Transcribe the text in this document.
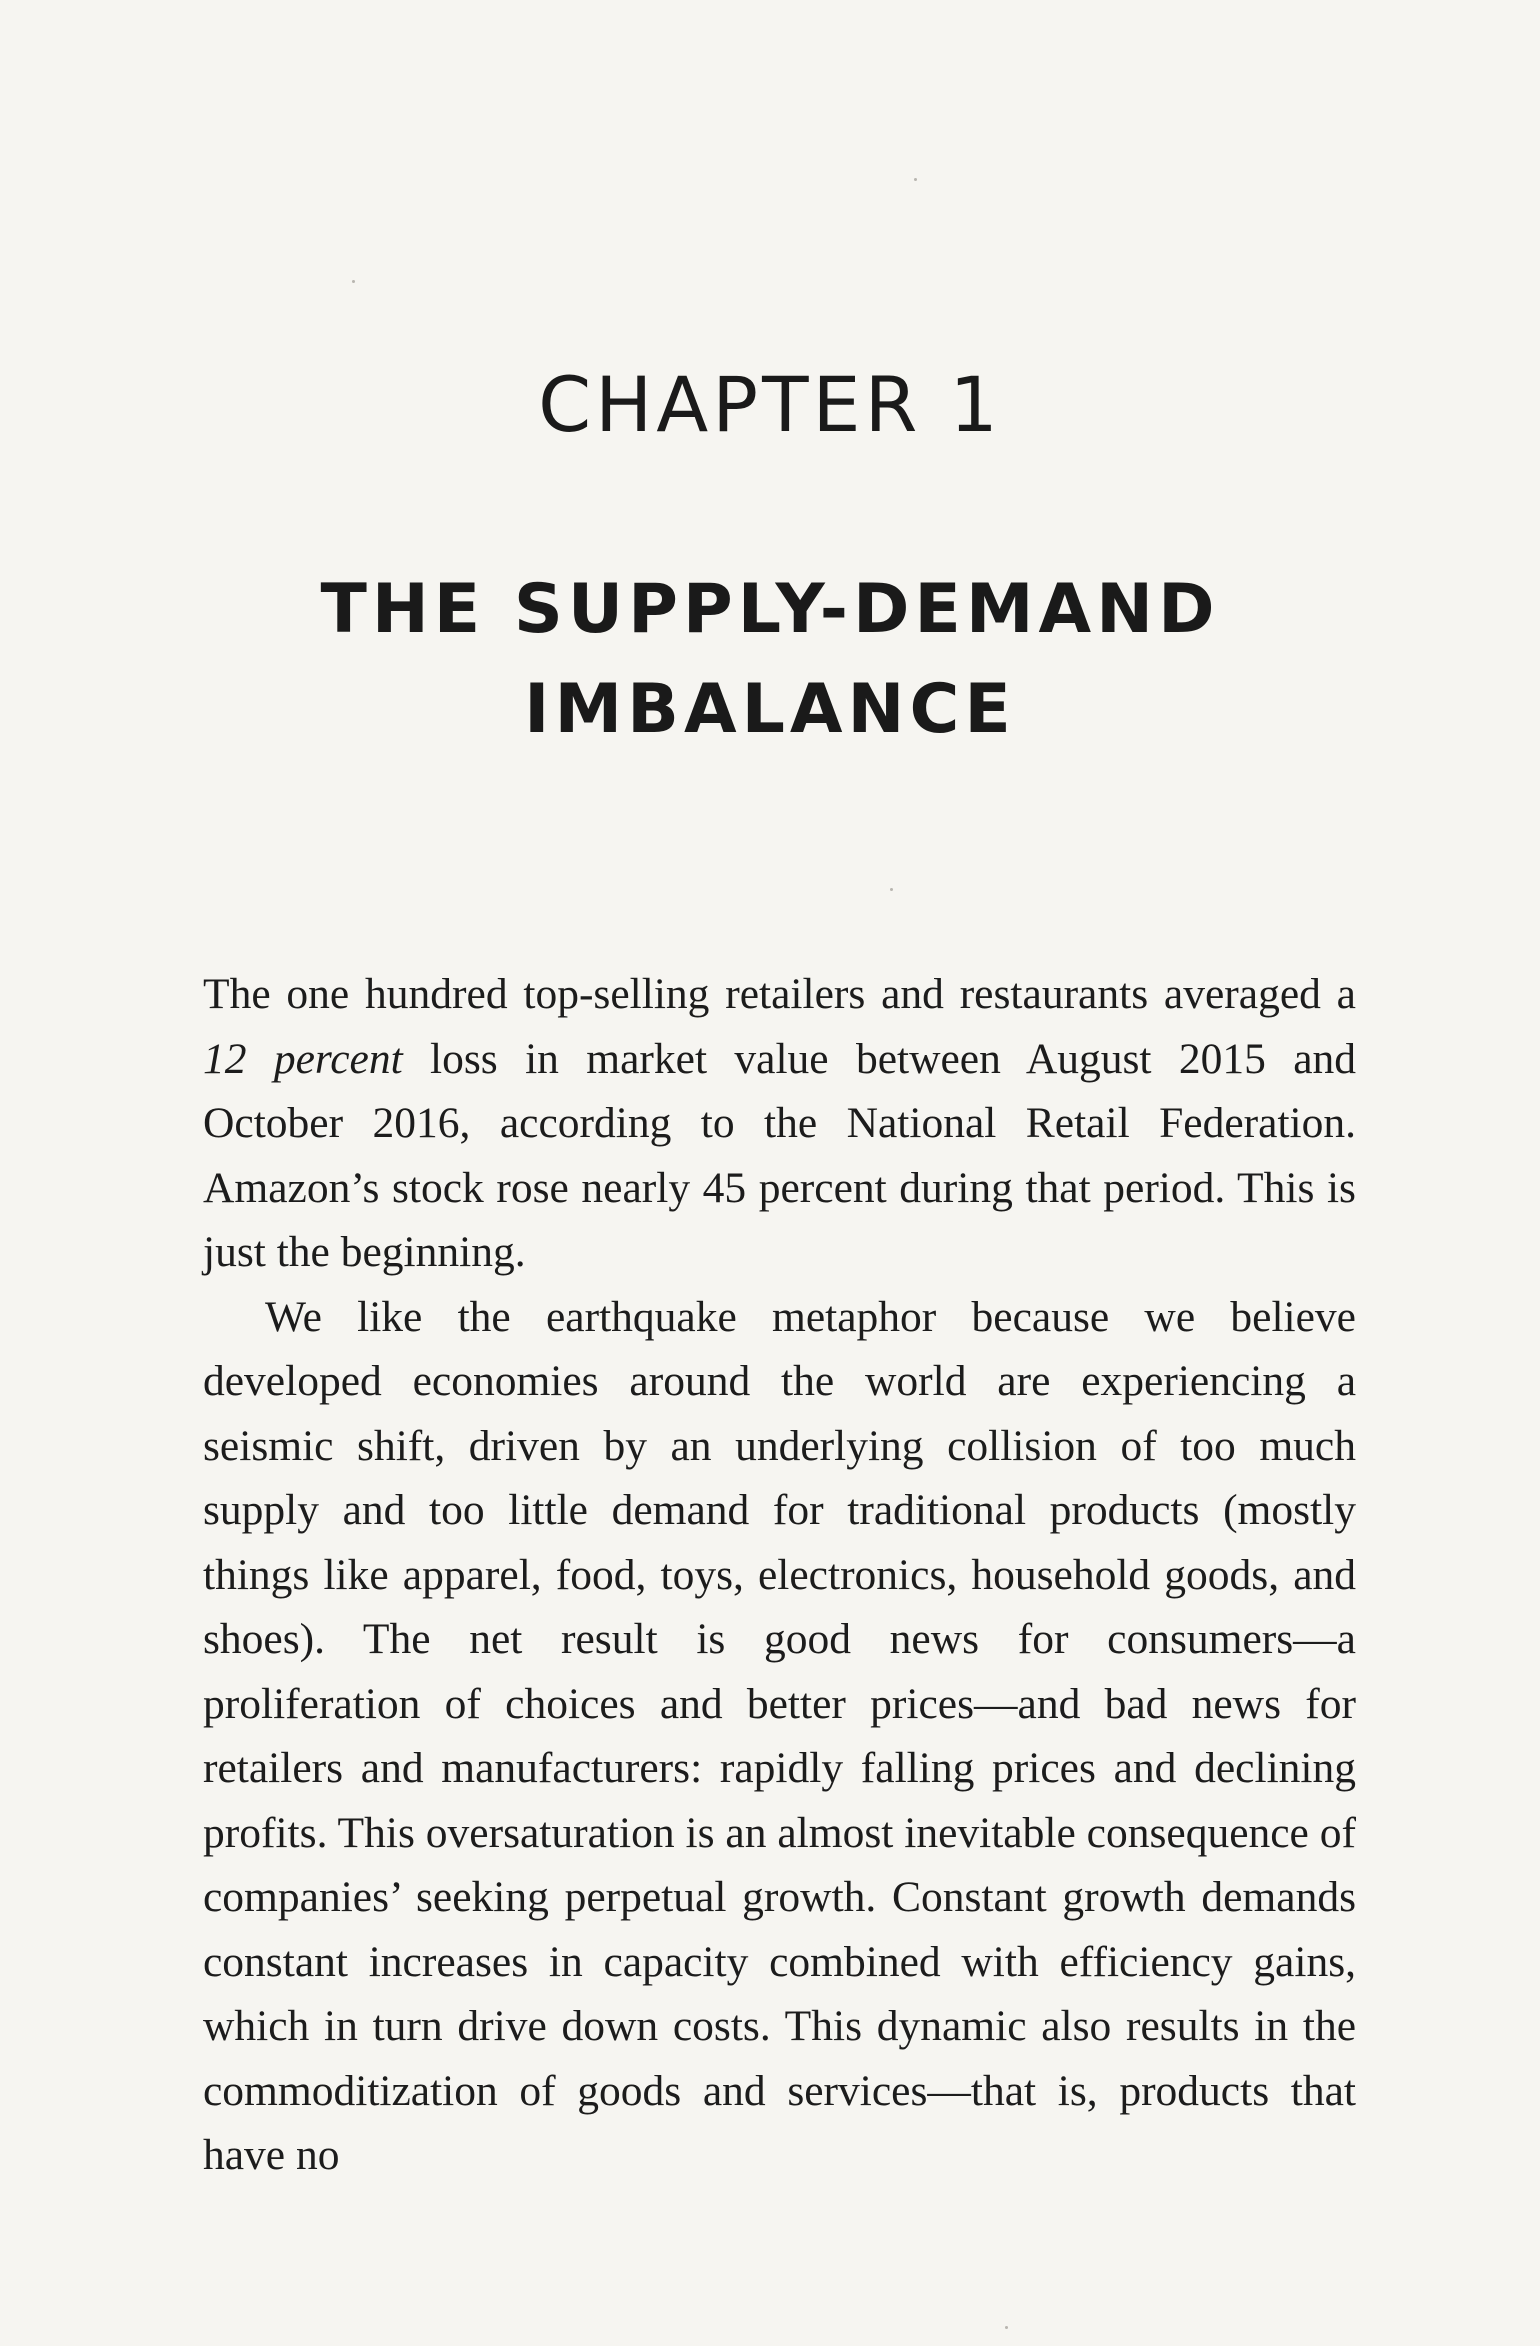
CHAPTER 1
THE SUPPLY-DEMAND
IMBALANCE

The one hundred top-selling retailers and restaurants averaged a 12 percent loss in market value between August 2015 and October 2016, according to the National Retail Federation. Amazon’s stock rose nearly 45 percent during that period. This is just the beginning.

We like the earthquake metaphor because we believe developed economies around the world are experiencing a seismic shift, driven by an underlying collision of too much supply and too little demand for traditional products (mostly things like apparel, food, toys, electronics, household goods, and shoes). The net result is good news for consumers—a proliferation of choices and better prices—and bad news for retailers and manufacturers: rapidly falling prices and declining profits. This oversaturation is an almost inevitable consequence of companies’ seeking perpetual growth. Constant growth demands constant increases in capacity combined with efficiency gains, which in turn drive down costs. This dynamic also results in the commoditization of goods and services—that is, products that have no
